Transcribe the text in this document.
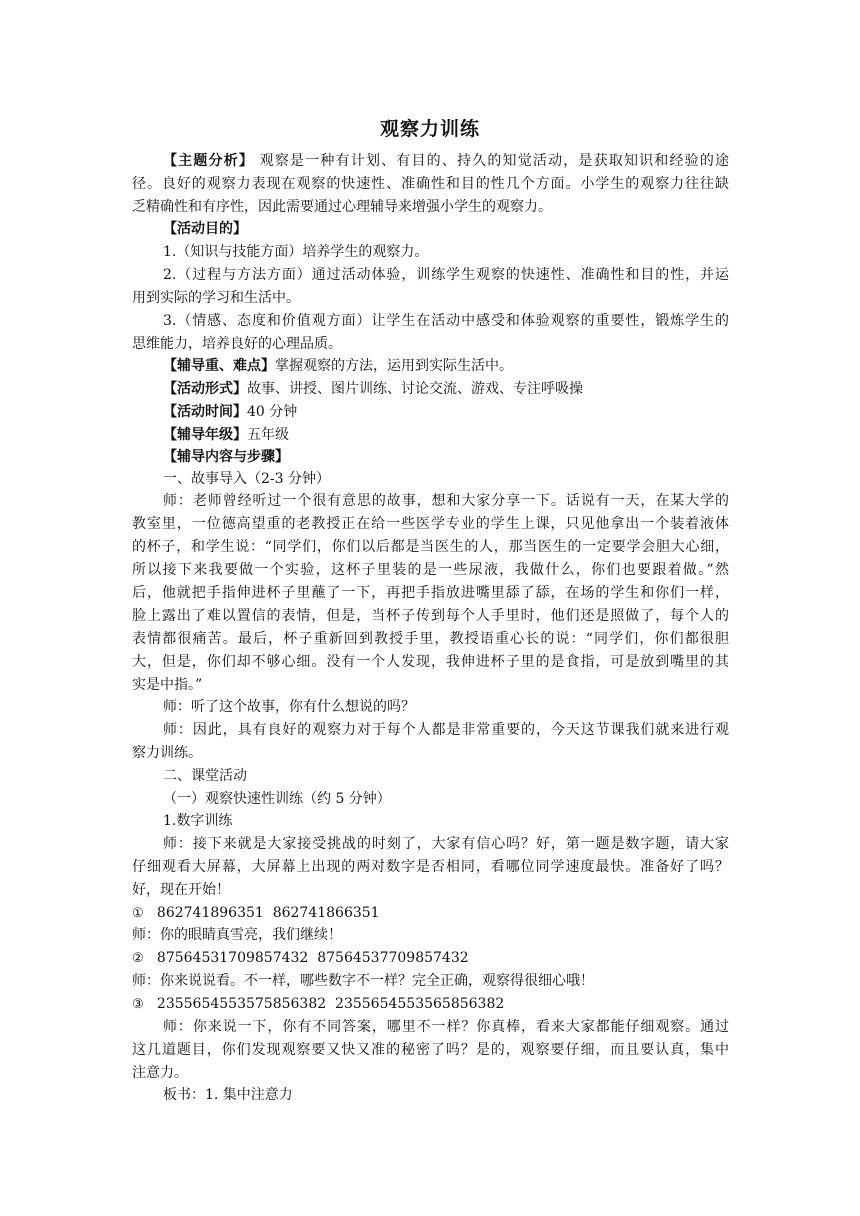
观察力训练
【主题分析】 观察是一种有计划、有目的、持久的知觉活动，是获取知识和经验的途
径。良好的观察力表现在观察的快速性、准确性和目的性几个方面。小学生的观察力往往缺
乏精确性和有序性，因此需要通过心理辅导来增强小学生的观察力。
【活动目的】
1.（知识与技能方面）培养学生的观察力。
2.（过程与方法方面）通过活动体验，训练学生观察的快速性、准确性和目的性，并运
用到实际的学习和生活中。
3.（情感、态度和价值观方面）让学生在活动中感受和体验观察的重要性，锻炼学生的
思维能力，培养良好的心理品质。
【辅导重、难点】掌握观察的方法，运用到实际生活中。
【活动形式】故事、讲授、图片训练、讨论交流、游戏、专注呼吸操
【活动时间】40 分钟
【辅导年级】五年级
【辅导内容与步骤】
一、故事导入（2-3 分钟）
师：老师曾经听过一个很有意思的故事，想和大家分享一下。话说有一天，在某大学的
教室里，一位德高望重的老教授正在给一些医学专业的学生上课，只见他拿出一个装着液体
的杯子，和学生说：“同学们，你们以后都是当医生的人，那当医生的一定要学会胆大心细，
所以接下来我要做一个实验，这杯子里装的是一些尿液，我做什么，你们也要跟着做。”然
后，他就把手指伸进杯子里蘸了一下，再把手指放进嘴里舔了舔，在场的学生和你们一样，
脸上露出了难以置信的表情，但是，当杯子传到每个人手里时，他们还是照做了，每个人的
表情都很痛苦。最后，杯子重新回到教授手里，教授语重心长的说：“同学们，你们都很胆
大，但是，你们却不够心细。没有一个人发现，我伸进杯子里的是食指，可是放到嘴里的其
实是中指。”
师：听了这个故事，你有什么想说的吗？
师：因此，具有良好的观察力对于每个人都是非常重要的，今天这节课我们就来进行观
察力训练。
二、课堂活动
（一）观察快速性训练（约 5 分钟）
1.数字训练
师：接下来就是大家接受挑战的时刻了，大家有信心吗？好，第一题是数字题，请大家
仔细观看大屏幕，大屏幕上出现的两对数字是否相同，看哪位同学速度最快。准备好了吗？
好，现在开始！
① 862741896351  862741866351
师：你的眼睛真雪亮，我们继续！
② 87564531709857432  87564537709857432
师：你来说说看。不一样，哪些数字不一样？完全正确，观察得很细心哦！
③ 2355654553575856382  2355654553565856382
师：你来说一下，你有不同答案，哪里不一样？你真棒，看来大家都能仔细观察。通过
这几道题目，你们发现观察要又快又准的秘密了吗？是的，观察要仔细，而且要认真，集中
注意力。
板书：1. 集中注意力
